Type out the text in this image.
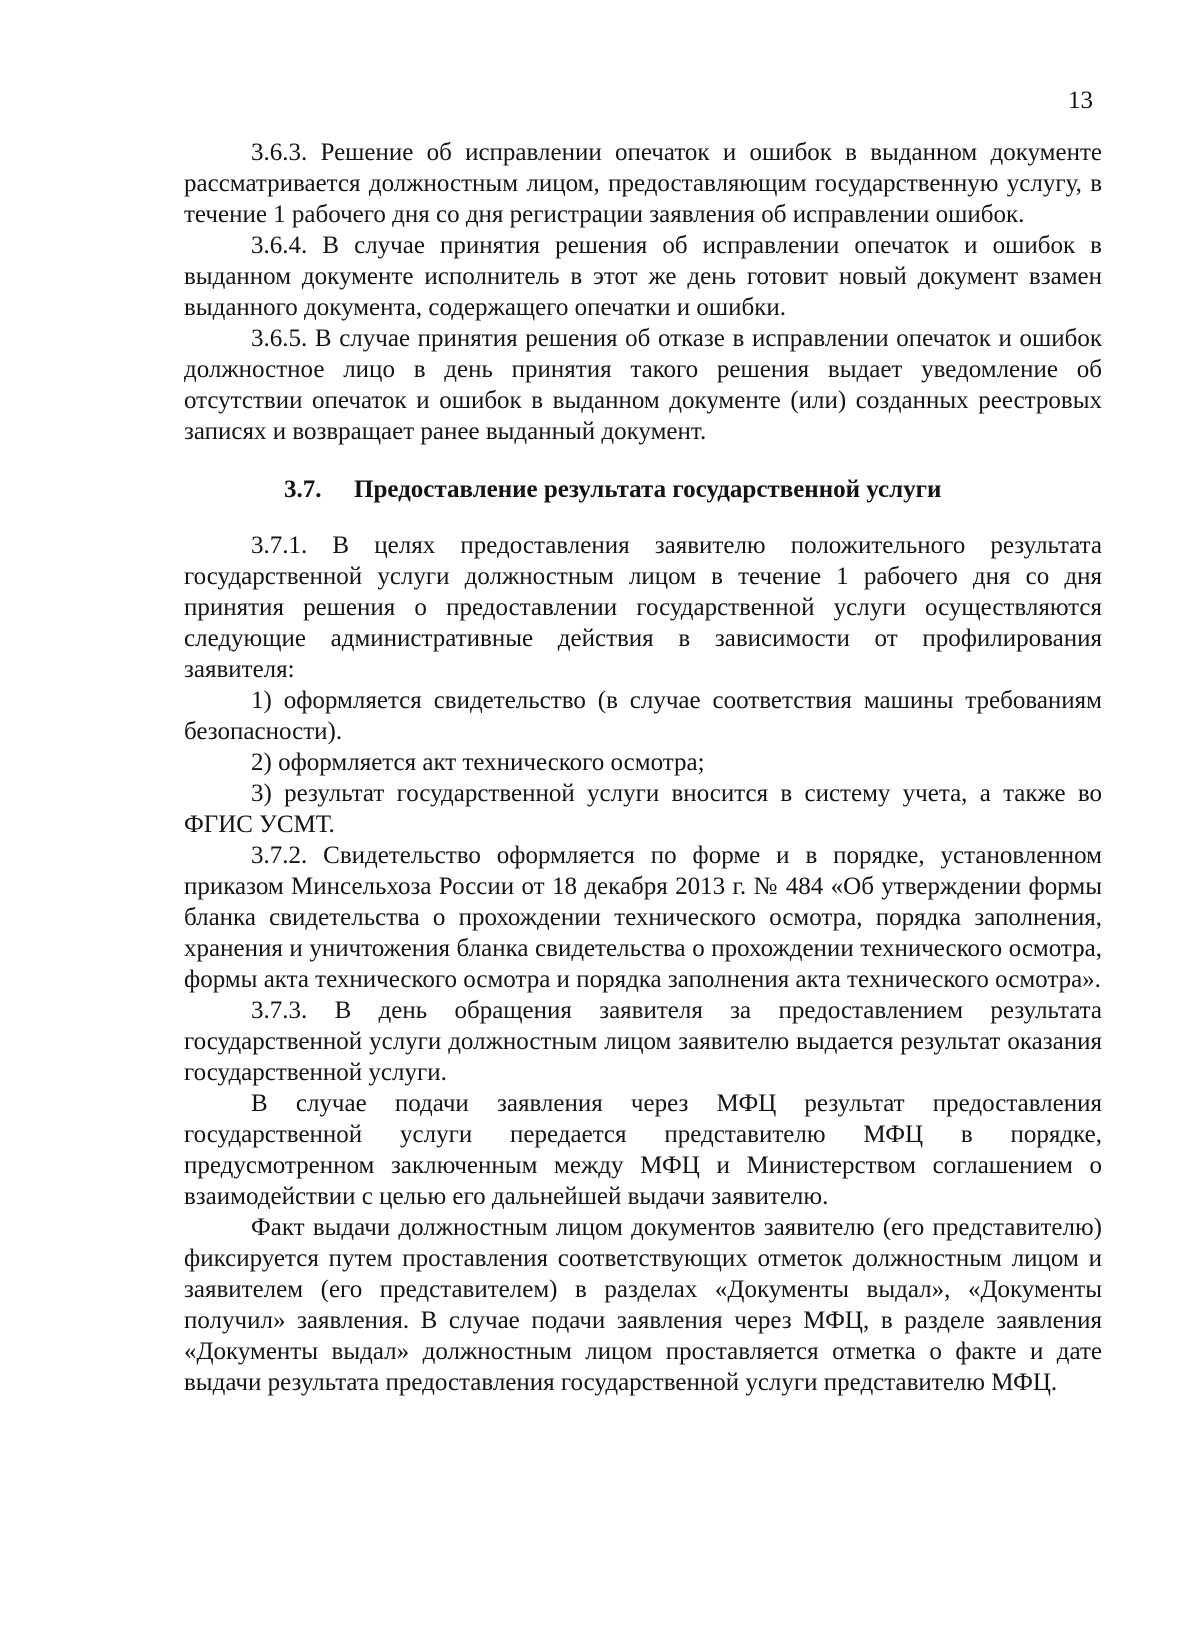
13

3.6.3. Решение об исправлении опечаток и ошибок в выданном документе рассматривается должностным лицом, предоставляющим государственную услугу, в течение 1 рабочего дня со дня регистрации заявления об исправлении ошибок.

3.6.4. В случае принятия решения об исправлении опечаток и ошибок в выданном документе исполнитель в этот же день готовит новый документ взамен выданного документа, содержащего опечатки и ошибки.

3.6.5. В случае принятия решения об отказе в исправлении опечаток и ошибок должностное лицо в день принятия такого решения выдает уведомление об отсутствии опечаток и ошибок в выданном документе (или) созданных реестровых записях и возвращает ранее выданный документ.

3.7. Предоставление результата государственной услуги

3.7.1. В целях предоставления заявителю положительного результата государственной услуги должностным лицом в течение 1 рабочего дня со дня принятия решения о предоставлении государственной услуги осуществляются следующие административные действия в зависимости от профилирования заявителя:

1) оформляется свидетельство (в случае соответствия машины требованиям безопасности).

2) оформляется акт технического осмотра;

3) результат государственной услуги вносится в систему учета, а также во ФГИС УСМТ.

3.7.2. Свидетельство оформляется по форме и в порядке, установленном приказом Минсельхоза России от 18 декабря 2013 г. № 484 «Об утверждении формы бланка свидетельства о прохождении технического осмотра, порядка заполнения, хранения и уничтожения бланка свидетельства о прохождении технического осмотра, формы акта технического осмотра и порядка заполнения акта технического осмотра».

3.7.3. В день обращения заявителя за предоставлением результата государственной услуги должностным лицом заявителю выдается результат оказания государственной услуги.

В случае подачи заявления через МФЦ результат предоставления государственной услуги передается представителю МФЦ в порядке, предусмотренном заключенным между МФЦ и Министерством соглашением о взаимодействии с целью его дальнейшей выдачи заявителю.

Факт выдачи должностным лицом документов заявителю (его представителю) фиксируется путем проставления соответствующих отметок должностным лицом и заявителем (его представителем) в разделах «Документы выдал», «Документы получил» заявления. В случае подачи заявления через МФЦ, в разделе заявления «Документы выдал» должностным лицом проставляется отметка о факте и дате выдачи результата предоставления государственной услуги представителю МФЦ.
